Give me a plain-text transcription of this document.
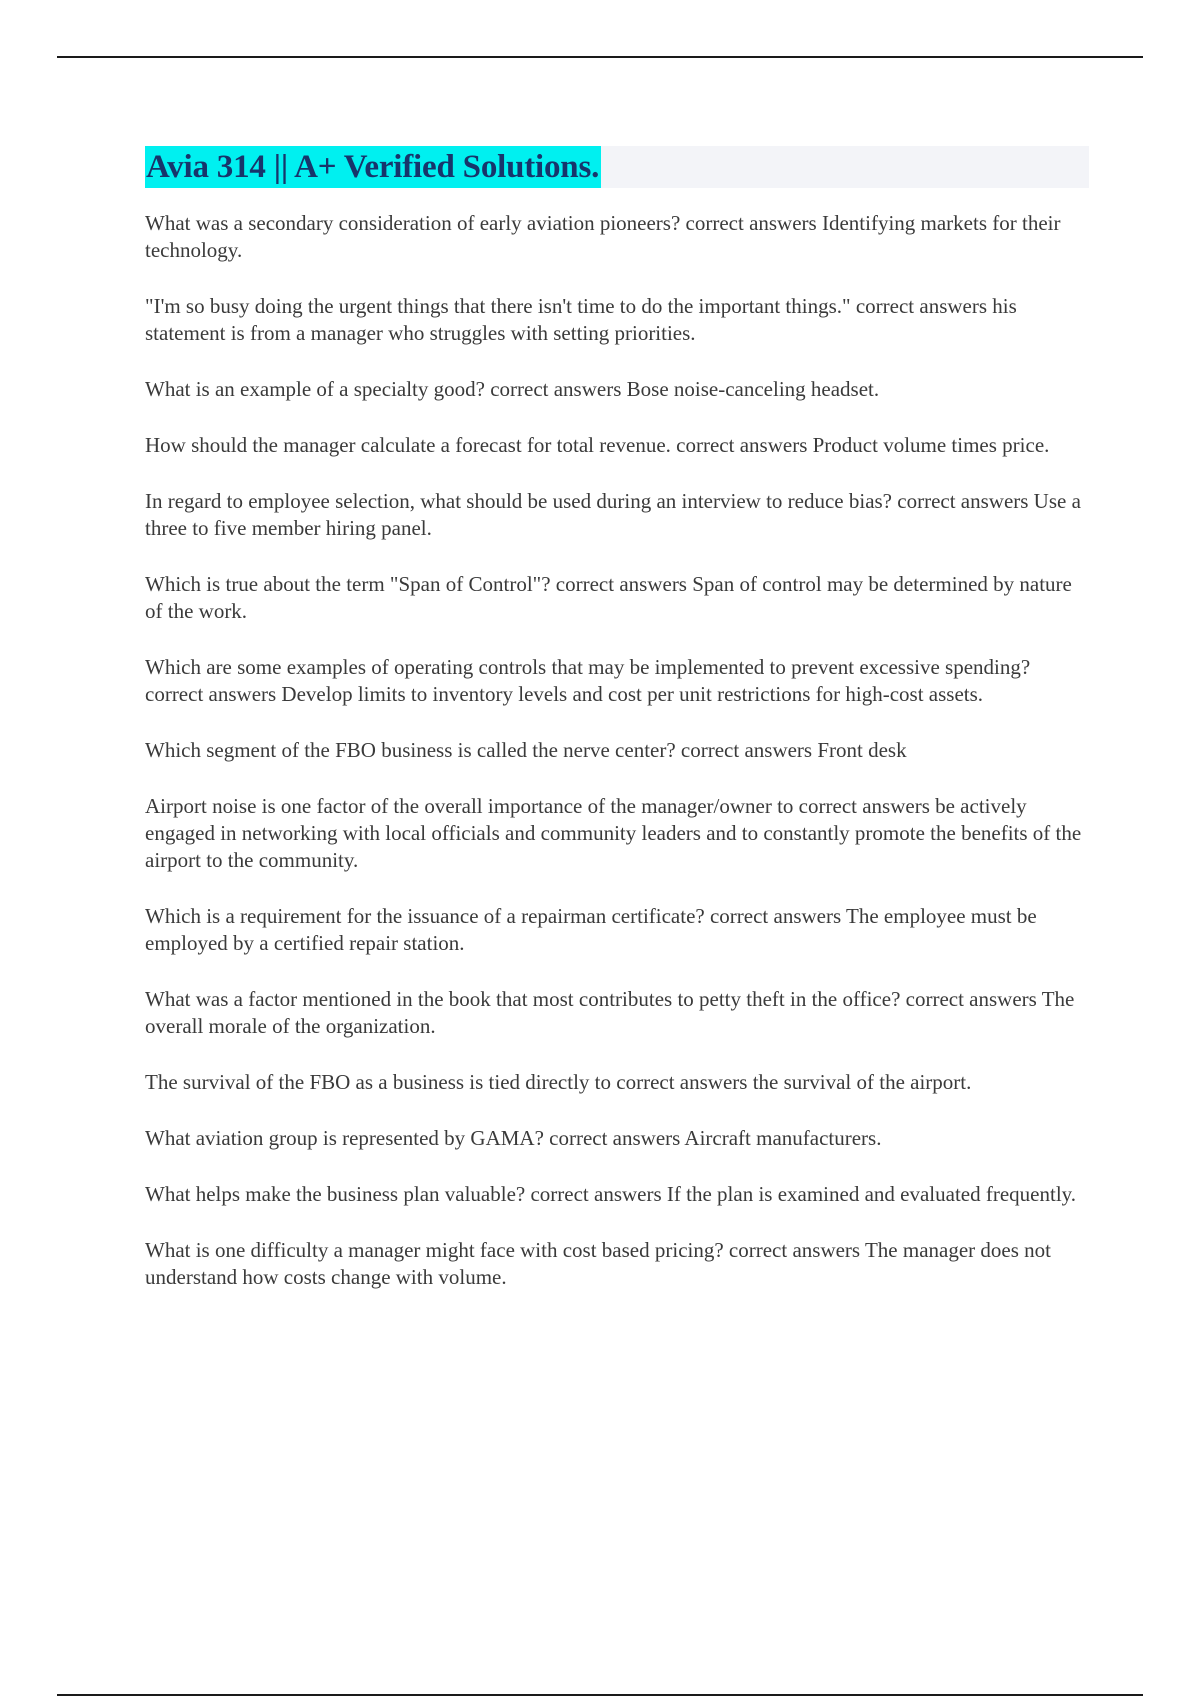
Avia 314 || A+ Verified Solutions.

What was a secondary consideration of early aviation pioneers? correct answers Identifying markets for their technology.

"I'm so busy doing the urgent things that there isn't time to do the important things." correct answers his statement is from a manager who struggles with setting priorities.

What is an example of a specialty good? correct answers Bose noise-canceling headset.

How should the manager calculate a forecast for total revenue. correct answers Product volume times price.

In regard to employee selection, what should be used during an interview to reduce bias? correct answers Use a three to five member hiring panel.

Which is true about the term "Span of Control"? correct answers Span of control may be determined by nature of the work.

Which are some examples of operating controls that may be implemented to prevent excessive spending? correct answers Develop limits to inventory levels and cost per unit restrictions for high-cost assets.

Which segment of the FBO business is called the nerve center? correct answers Front desk

Airport noise is one factor of the overall importance of the manager/owner to correct answers be actively engaged in networking with local officials and community leaders and to constantly promote the benefits of the airport to the community.

Which is a requirement for the issuance of a repairman certificate? correct answers The employee must be employed by a certified repair station.

What was a factor mentioned in the book that most contributes to petty theft in the office? correct answers The overall morale of the organization.

The survival of the FBO as a business is tied directly to correct answers the survival of the airport.

What aviation group is represented by GAMA? correct answers Aircraft manufacturers.

What helps make the business plan valuable? correct answers If the plan is examined and evaluated frequently.

What is one difficulty a manager might face with cost based pricing? correct answers The manager does not understand how costs change with volume.
